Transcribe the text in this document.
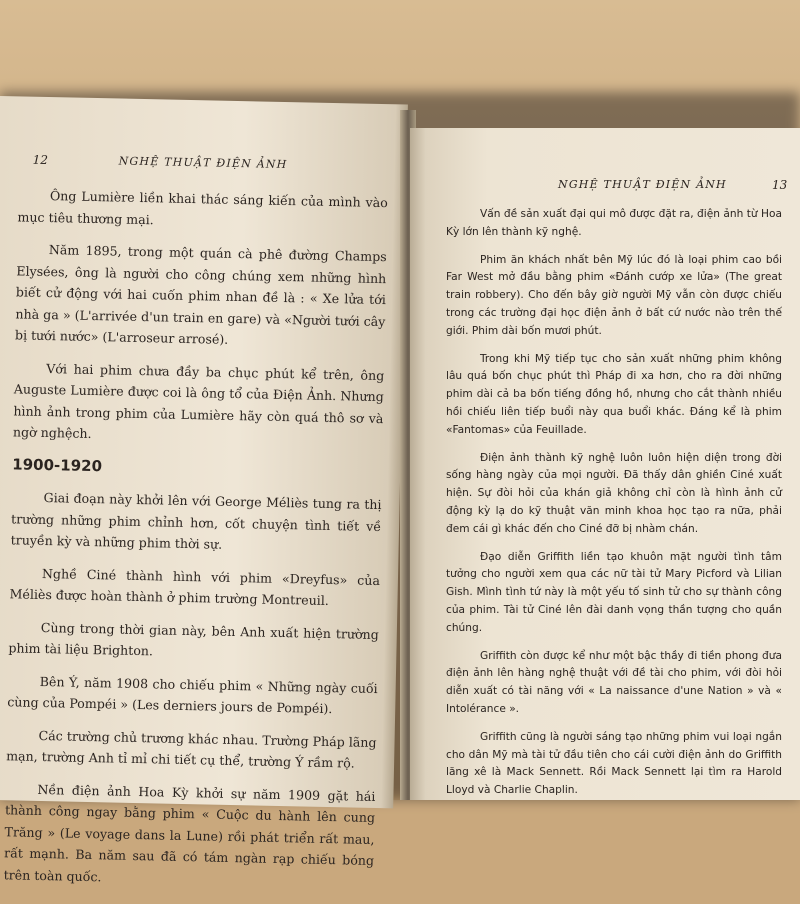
12	NGHỆ THUẬT ĐIỆN ẢNH

Ông Lumière liền khai thác sáng kiến của mình vào mục tiêu thương mại.

Năm 1895, trong một quán cà phê đường Champs Elysées, ông là người cho công chúng xem những hình biết cử động với hai cuốn phim nhan đề là : « Xe lửa tới nhà ga » (L'arrivée d'un train en gare) và «Người tưới cây bị tưới nước» (L'arroseur arrosé).

Với hai phim chưa đầy ba chục phút kể trên, ông Auguste Lumière được coi là ông tổ của Điện Ảnh. Nhưng hình ảnh trong phim của Lumière hãy còn quá thô sơ và ngờ nghệch.

1900-1920

Giai đoạn này khởi lên với George Méliès tung ra thị trường những phim chỉnh hơn, cốt chuyện tình tiết về truyền kỳ và những phim thời sự.

Nghề Ciné thành hình với phim «Dreyfus» của Méliès được hoàn thành ở phim trường Montreuil.

Cùng trong thời gian này, bên Anh xuất hiện trường phim tài liệu Brighton.

Bên Ý, năm 1908 cho chiếu phim « Những ngày cuối cùng của Pompéi » (Les derniers jours de Pompéi).

Các trường chủ trương khác nhau. Trường Pháp lãng mạn, trường Anh tỉ mỉ chi tiết cụ thể, trường Ý rầm rộ.

Nền điện ảnh Hoa Kỳ khởi sự năm 1909 gặt hái thành công ngay bằng phim « Cuộc du hành lên cung Trăng » (Le voyage dans la Lune) rồi phát triển rất mau, rất mạnh. Ba năm sau đã có tám ngàn rạp chiếu bóng trên toàn quốc.

NGHỆ THUẬT ĐIỆN ẢNH	13

Vấn đề sản xuất đại qui mô được đặt ra, điện ảnh từ Hoa Kỳ lớn lên thành kỹ nghệ.

Phim ăn khách nhất bên Mỹ lúc đó là loại phim cao bồi Far West mở đầu bằng phim «Đánh cướp xe lửa» (The great train robbery). Cho đến bây giờ người Mỹ vẫn còn được chiếu trong các trường đại học điện ảnh ở bất cứ nước nào trên thế giới. Phim dài bốn mươi phút.

Trong khi Mỹ tiếp tục cho sản xuất những phim không lâu quá bốn chục phút thì Pháp đi xa hơn, cho ra đời những phim dài cả ba bốn tiếng đồng hồ, nhưng cho cắt thành nhiều hồi chiếu liên tiếp buổi này qua buổi khác. Đáng kể là phim «Fantomas» của Feuillade.

Điện ảnh thành kỹ nghệ luôn luôn hiện diện trong đời sống hàng ngày của mọi người. Đã thấy dân ghiền Ciné xuất hiện. Sự đòi hỏi của khán giả không chỉ còn là hình ảnh cử động kỳ lạ do kỹ thuật văn minh khoa học tạo ra nữa, phải đem cái gì khác đến cho Ciné đỡ bị nhàm chán.

Đạo diễn Griffith liền tạo khuôn mặt người tình tâm tưởng cho người xem qua các nữ tài tử Mary Picford và Lilian Gish. Mình tình tứ này là một yếu tố sinh tử cho sự thành công của phim. Tài tử Ciné lên đài danh vọng thần tượng cho quần chúng.

Griffith còn được kể như một bậc thầy đi tiền phong đưa điện ảnh lên hàng nghệ thuật với đề tài cho phim, với đòi hỏi diễn xuất có tài năng với « La naissance d'une Nation » và « Intolérance ».

Griffith cũng là người sáng tạo những phim vui loại ngắn cho dân Mỹ mà tài tử đầu tiên cho cái cười điện ảnh do Griffith lăng xê là Mack Sennett. Rồi Mack Sennett lại tìm ra Harold Lloyd và Charlie Chaplin.
